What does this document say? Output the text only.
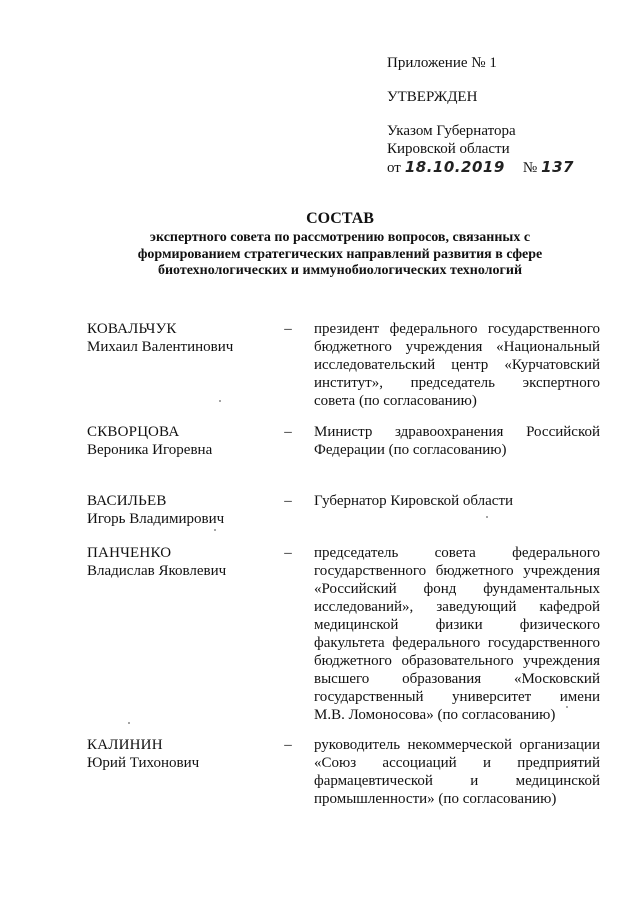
Приложение № 1
УТВЕРЖДЕН
Указом Губернатора
Кировской области
от 18.10.2019 № 137
СОСТАВ
экспертного совета по рассмотрению вопросов, связанных с
формированием стратегических направлений развития в сфере
биотехнологических и иммунобиологических технологий
КОВАЛЬЧУК
Михаил Валентинович
– президент федерального государственного
бюджетного учреждения «Национальный
исследовательский центр «Курчатовский
институт», председатель экспертного
совета (по согласованию)
СКВОРЦОВА
Вероника Игоревна
– Министр здравоохранения Российской
Федерации (по согласованию)
ВАСИЛЬЕВ
Игорь Владимирович
– Губернатор Кировской области
ПАНЧЕНКО
Владислав Яковлевич
– председатель совета федерального
государственного бюджетного учреждения
«Российский фонд фундаментальных
исследований», заведующий кафедрой
медицинской физики физического
факультета федерального государственного
бюджетного образовательного учреждения
высшего образования «Московский
государственный университет имени
М.В. Ломоносова» (по согласованию)
КАЛИНИН
Юрий Тихонович
– руководитель некоммерческой организации
«Союз ассоциаций и предприятий
фармацевтической и медицинской
промышленности» (по согласованию)
